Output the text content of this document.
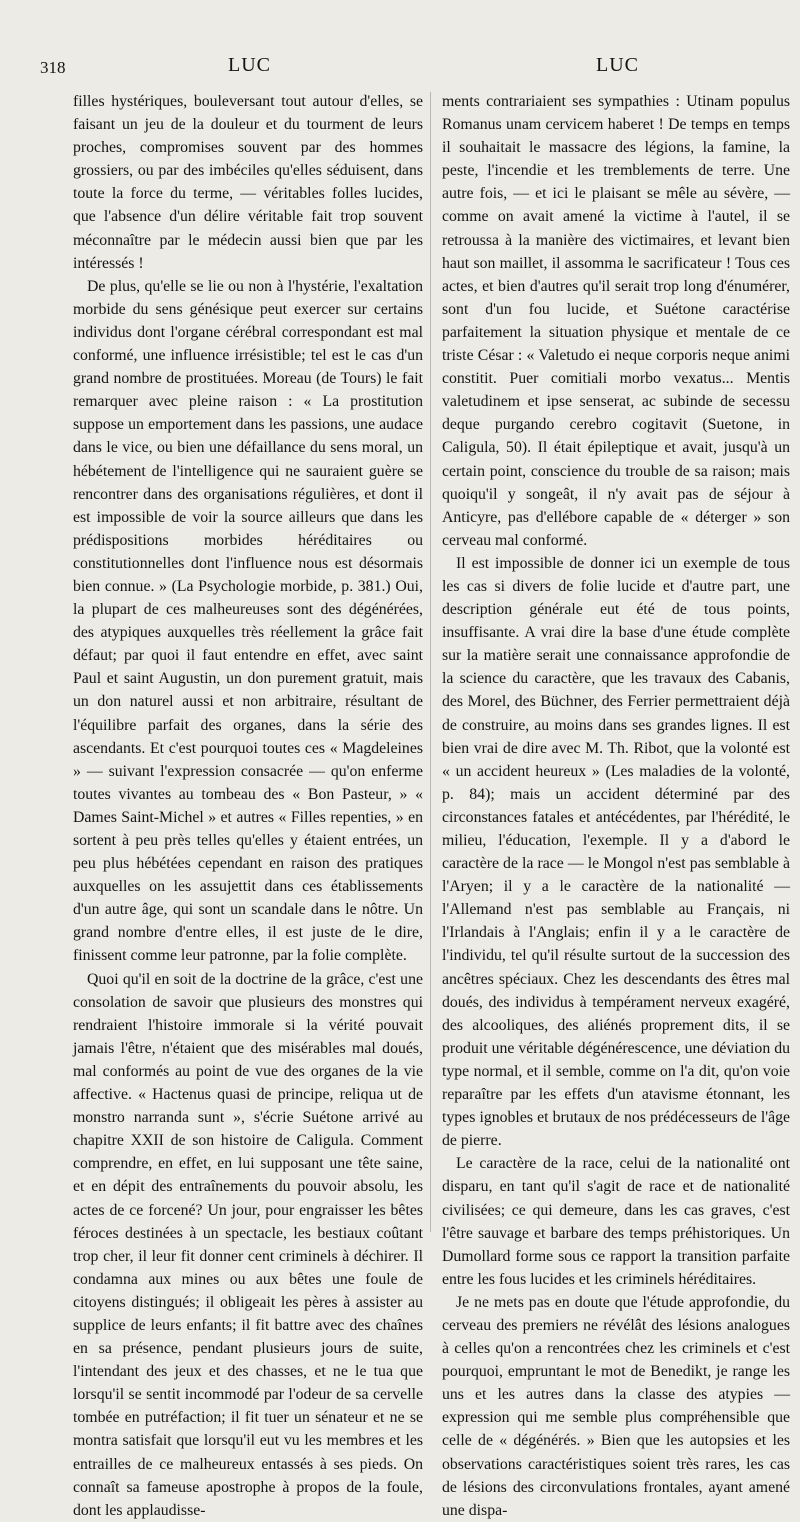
318	LUC	LUC

filles hystériques, bouleversant tout autour d'elles, se faisant un jeu de la douleur et du tourment de leurs proches, compromises souvent par des hommes grossiers, ou par des imbéciles qu'elles séduisent, dans toute la force du terme, — véritables folles lucides, que l'absence d'un délire véritable fait trop souvent méconnaître par le médecin aussi bien que par les intéressés !

De plus, qu'elle se lie ou non à l'hystérie, l'exaltation morbide du sens génésique peut exercer sur certains individus dont l'organe cérébral correspondant est mal conformé, une influence irrésistible; tel est le cas d'un grand nombre de prostituées. Moreau (de Tours) le fait remarquer avec pleine raison : « La prostitution suppose un emportement dans les passions, une audace dans le vice, ou bien une défaillance du sens moral, un hébétement de l'intelligence qui ne sauraient guère se rencontrer dans des organisations régulières, et dont il est impossible de voir la source ailleurs que dans les prédispositions morbides héréditaires ou constitutionnelles dont l'influence nous est désormais bien connue. » (La Psychologie morbide, p. 381.) Oui, la plupart de ces malheureuses sont des dégénérées, des atypiques auxquelles très réellement la grâce fait défaut; par quoi il faut entendre en effet, avec saint Paul et saint Augustin, un don purement gratuit, mais un don naturel aussi et non arbitraire, résultant de l'équilibre parfait des organes, dans la série des ascendants. Et c'est pourquoi toutes ces « Magdeleines » — suivant l'expression consacrée — qu'on enferme toutes vivantes au tombeau des « Bon Pasteur, » « Dames Saint-Michel » et autres « Filles repenties, » en sortent à peu près telles qu'elles y étaient entrées, un peu plus hébétées cependant en raison des pratiques auxquelles on les assujettit dans ces établissements d'un autre âge, qui sont un scandale dans le nôtre. Un grand nombre d'entre elles, il est juste de le dire, finissent comme leur patronne, par la folie complète.

Quoi qu'il en soit de la doctrine de la grâce, c'est une consolation de savoir que plusieurs des monstres qui rendraient l'histoire immorale si la vérité pouvait jamais l'être, n'étaient que des misérables mal doués, mal conformés au point de vue des organes de la vie affective. « Hactenus quasi de principe, reliqua ut de monstro narranda sunt », s'écrie Suétone arrivé au chapitre XXII de son histoire de Caligula. Comment comprendre, en effet, en lui supposant une tête saine, et en dépit des entraînements du pouvoir absolu, les actes de ce forcené? Un jour, pour engraisser les bêtes féroces destinées à un spectacle, les bestiaux coûtant trop cher, il leur fit donner cent criminels à déchirer. Il condamna aux mines ou aux bêtes une foule de citoyens distingués; il obligeait les pères à assister au supplice de leurs enfants; il fit battre avec des chaînes en sa présence, pendant plusieurs jours de suite, l'intendant des jeux et des chasses, et ne le tua que lorsqu'il se sentit incommodé par l'odeur de sa cervelle tombée en putréfaction; il fit tuer un sénateur et ne se montra satisfait que lorsqu'il eut vu les membres et les entrailles de ce malheureux entassés à ses pieds. On connaît sa fameuse apostrophe à propos de la foule, dont les applaudisse-

ments contrariaient ses sympathies : Utinam populus Romanus unam cervicem haberet ! De temps en temps il souhaitait le massacre des légions, la famine, la peste, l'incendie et les tremblements de terre. Une autre fois, — et ici le plaisant se mêle au sévère, — comme on avait amené la victime à l'autel, il se retroussa à la manière des victimaires, et levant bien haut son maillet, il assomma le sacrificateur ! Tous ces actes, et bien d'autres qu'il serait trop long d'énumérer, sont d'un fou lucide, et Suétone caractérise parfaitement la situation physique et mentale de ce triste César : « Valetudo ei neque corporis neque animi constitit. Puer comitiali morbo vexatus... Mentis valetudinem et ipse senserat, ac subinde de secessu deque purgando cerebro cogitavit (Suetone, in Caligula, 50). Il était épileptique et avait, jusqu'à un certain point, conscience du trouble de sa raison; mais quoiqu'il y songeât, il n'y avait pas de séjour à Anticyre, pas d'ellébore capable de « déterger » son cerveau mal conformé.

Il est impossible de donner ici un exemple de tous les cas si divers de folie lucide et d'autre part, une description générale eut été de tous points, insuffisante. A vrai dire la base d'une étude complète sur la matière serait une connaissance approfondie de la science du caractère, que les travaux des Cabanis, des Morel, des Büchner, des Ferrier permettraient déjà de construire, au moins dans ses grandes lignes. Il est bien vrai de dire avec M. Th. Ribot, que la volonté est « un accident heureux » (Les maladies de la volonté, p. 84); mais un accident déterminé par des circonstances fatales et antécédentes, par l'hérédité, le milieu, l'éducation, l'exemple. Il y a d'abord le caractère de la race — le Mongol n'est pas semblable à l'Aryen; il y a le caractère de la nationalité — l'Allemand n'est pas semblable au Français, ni l'Irlandais à l'Anglais; enfin il y a le caractère de l'individu, tel qu'il résulte surtout de la succession des ancêtres spéciaux. Chez les descendants des êtres mal doués, des individus à tempérament nerveux exagéré, des alcooliques, des aliénés proprement dits, il se produit une véritable dégénérescence, une déviation du type normal, et il semble, comme on l'a dit, qu'on voie reparaître par les effets d'un atavisme étonnant, les types ignobles et brutaux de nos prédécesseurs de l'âge de pierre.

Le caractère de la race, celui de la nationalité ont disparu, en tant qu'il s'agit de race et de nationalité civilisées; ce qui demeure, dans les cas graves, c'est l'être sauvage et barbare des temps préhistoriques. Un Dumollard forme sous ce rapport la transition parfaite entre les fous lucides et les criminels héréditaires.

Je ne mets pas en doute que l'étude approfondie, du cerveau des premiers ne révélât des lésions analogues à celles qu'on a rencontrées chez les criminels et c'est pourquoi, empruntant le mot de Benedikt, je range les uns et les autres dans la classe des atypies — expression qui me semble plus compréhensible que celle de « dégénérés. » Bien que les autopsies et les observations caractéristiques soient très rares, les cas de lésions des circonvulations frontales, ayant amené une dispa-
